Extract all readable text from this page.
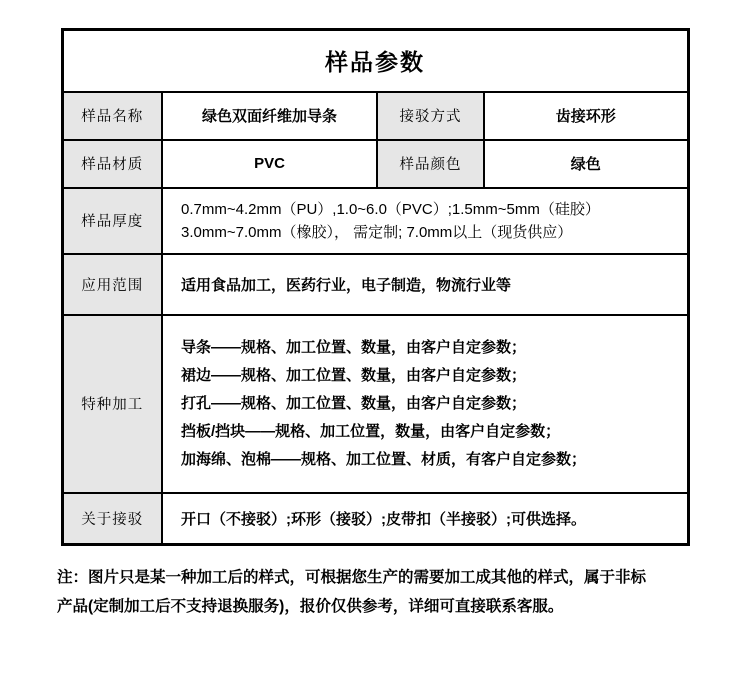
样品参数			
样品名称	绿色双面纤维加导条	接驳方式	齿接环形
样品材质	PVC	样品颜色	绿色
样品厚度	0.7mm~4.2mm（PU）,1.0~6.0（PVC）;1.5mm~5mm（硅胶）
3.0mm~7.0mm（橡胶）， 需定制; 7.0mm以上（现货供应）		

应用范围	适用食品加工，医药行业，电子制造，物流行业等		
特种加工	导条——规格、加工位置、数量，由客户自定参数；
裙边——规格、加工位置、数量，由客户自定参数；
打孔——规格、加工位置、数量，由客户自定参数；
挡板/挡块——规格、加工位置，数量，由客户自定参数；
加海绵、泡棉——规格、加工位置、材质，有客户自定参数；		

关于接驳	开口（不接驳）;环形（接驳）;皮带扣（半接驳）;可供选择。		
注：图片只是某一种加工后的样式，可根据您生产的需要加工成其他的样式，属于非标
产品(定制加工后不支持退换服务)，报价仅供参考，详细可直接联系客服。
